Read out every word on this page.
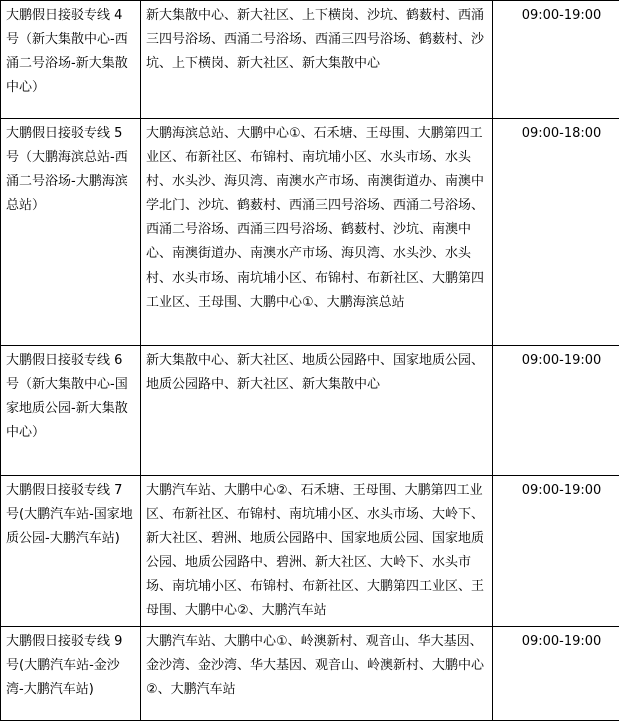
大鹏假日接驳专线 4 号（新大集散中心-西涌二号浴场-新大集散中心）	新大集散中心、新大社区、上下横岗、沙坑、鹤薮村、西涌三四号浴场、西涌二号浴场、西涌三四号浴场、鹤薮村、沙坑、上下横岗、新大社区、新大集散中心	09:00-19:00
大鹏假日接驳专线 5 号（大鹏海滨总站-西涌二号浴场-大鹏海滨总站）	大鹏海滨总站、大鹏中心①、石禾塘、王母围、大鹏第四工业区、布新社区、布锦村、南坑埔小区、水头市场、水头村、水头沙、海贝湾、南澳水产市场、南澳街道办、南澳中学北门、沙坑、鹤薮村、西涌三四号浴场、西涌二号浴场、西涌二号浴场、西涌三四号浴场、鹤薮村、沙坑、南澳中心、南澳街道办、南澳水产市场、海贝湾、水头沙、水头村、水头市场、南坑埔小区、布锦村、布新社区、大鹏第四工业区、王母围、大鹏中心①、大鹏海滨总站	09:00-18:00
大鹏假日接驳专线 6 号（新大集散中心-国家地质公园-新大集散中心）	新大集散中心、新大社区、地质公园路中、国家地质公园、地质公园路中、新大社区、新大集散中心	09:00-19:00
大鹏假日接驳专线 7 号(大鹏汽车站-国家地质公园-大鹏汽车站)	大鹏汽车站、大鹏中心②、石禾塘、王母围、大鹏第四工业区、布新社区、布锦村、南坑埔小区、水头市场、大岭下、新大社区、碧洲、地质公园路中、国家地质公园、国家地质公园、地质公园路中、碧洲、新大社区、大岭下、水头市场、南坑埔小区、布锦村、布新社区、大鹏第四工业区、王母围、大鹏中心②、大鹏汽车站	09:00-19:00
大鹏假日接驳专线 9 号(大鹏汽车站-金沙湾-大鹏汽车站)	大鹏汽车站、大鹏中心①、岭澳新村、观音山、华大基因、金沙湾、金沙湾、华大基因、观音山、岭澳新村、大鹏中心②、大鹏汽车站	09:00-19:00
